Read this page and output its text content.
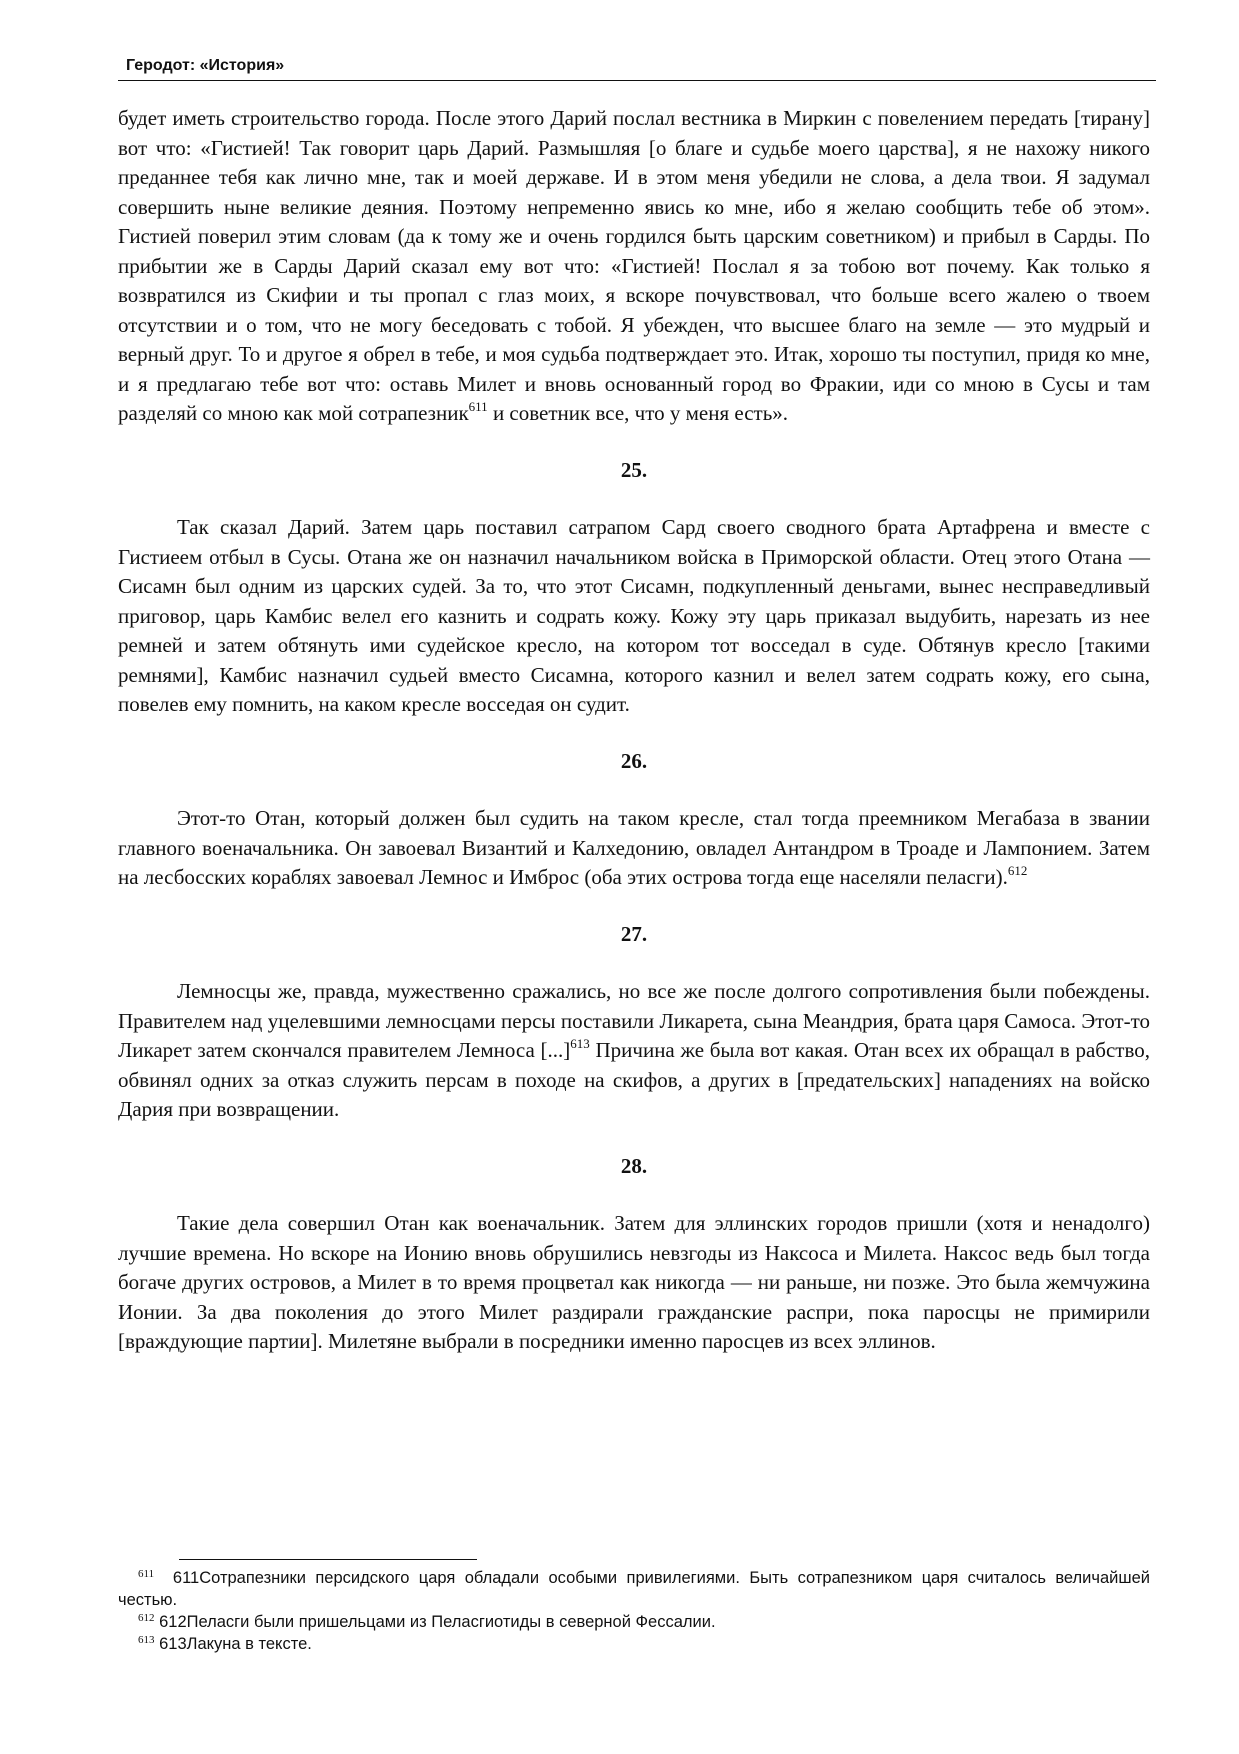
Геродот: «История»

будет иметь строительство города. После этого Дарий послал вестника в Миркин с повелением передать [тирану] вот что: «Гистией! Так говорит царь Дарий. Размышляя [о благе и судьбе моего царства], я не нахожу никого преданнее тебя как лично мне, так и моей державе. И в этом меня убедили не слова, а дела твои. Я задумал совершить ныне великие деяния. Поэтому непременно явись ко мне, ибо я желаю сообщить тебе об этом». Гистией поверил этим словам (да к тому же и очень гордился быть царским советником) и прибыл в Сарды. По прибытии же в Сарды Дарий сказал ему вот что: «Гистией! Послал я за тобою вот почему. Как только я возвратился из Скифии и ты пропал с глаз моих, я вскоре почувствовал, что больше всего жалею о твоем отсутствии и о том, что не могу беседовать с тобой. Я убежден, что высшее благо на земле — это мудрый и верный друг. То и другое я обрел в тебе, и моя судьба подтверждает это. Итак, хорошо ты поступил, придя ко мне, и я предлагаю тебе вот что: оставь Милет и вновь основанный город во Фракии, иди со мною в Сусы и там разделяй со мною как мой сотрапезник$^{611}$ и советник все, что у меня есть».

25.

Так сказал Дарий. Затем царь поставил сатрапом Сард своего сводного брата Артафрена и вместе с Гистиеем отбыл в Сусы. Отана же он назначил начальником войска в Приморской области. Отец этого Отана — Сисамн был одним из царских судей. За то, что этот Сисамн, подкупленный деньгами, вынес несправедливый приговор, царь Камбис велел его казнить и содрать кожу. Кожу эту царь приказал выдубить, нарезать из нее ремней и затем обтянуть ими судейское кресло, на котором тот восседал в суде. Обтянув кресло [такими ремнями], Камбис назначил судьей вместо Сисамна, которого казнил и велел затем содрать кожу, его сына, повелев ему помнить, на каком кресле восседая он судит.

26.

Этот-то Отан, который должен был судить на таком кресле, стал тогда преемником Мегабаза в звании главного военачальника. Он завоевал Византий и Калхедонию, овладел Антандром в Троаде и Лампонием. Затем на лесбосских кораблях завоевал Лемнос и Имброс (оба этих острова тогда еще населяли пеласги).$^{612}$

27.

Лемносцы же, правда, мужественно сражались, но все же после долгого сопротивления были побеждены. Правителем над уцелевшими лемносцами персы поставили Ликарета, сына Меандрия, брата царя Самоса. Этот-то Ликарет затем скончался правителем Лемноса [...]$^{613}$ Причина же была вот какая. Отан всех их обращал в рабство, обвинял одних за отказ служить персам в походе на скифов, а других в [предательских] нападениях на войско Дария при возвращении.

28.

Такие дела совершил Отан как военачальник. Затем для эллинских городов пришли (хотя и ненадолго) лучшие времена. Но вскоре на Ионию вновь обрушились невзгоды из Наксоса и Милета. Наксос ведь был тогда богаче других островов, а Милет в то время процветал как никогда — ни раньше, ни позже. Это была жемчужина Ионии. За два поколения до этого Милет раздирали гражданские распри, пока паросцы не примирили [враждующие партии]. Милетяне выбрали в посредники именно паросцев из всех эллинов.

$^{611}$ 611Сотрапезники персидского царя обладали особыми привилегиями. Быть сотрапезником царя считалось величайшей честью.

$^{612}$ 612Пеласги были пришельцами из Пеласгиотиды в северной Фессалии.

$^{613}$ 613Лакуна в тексте.
